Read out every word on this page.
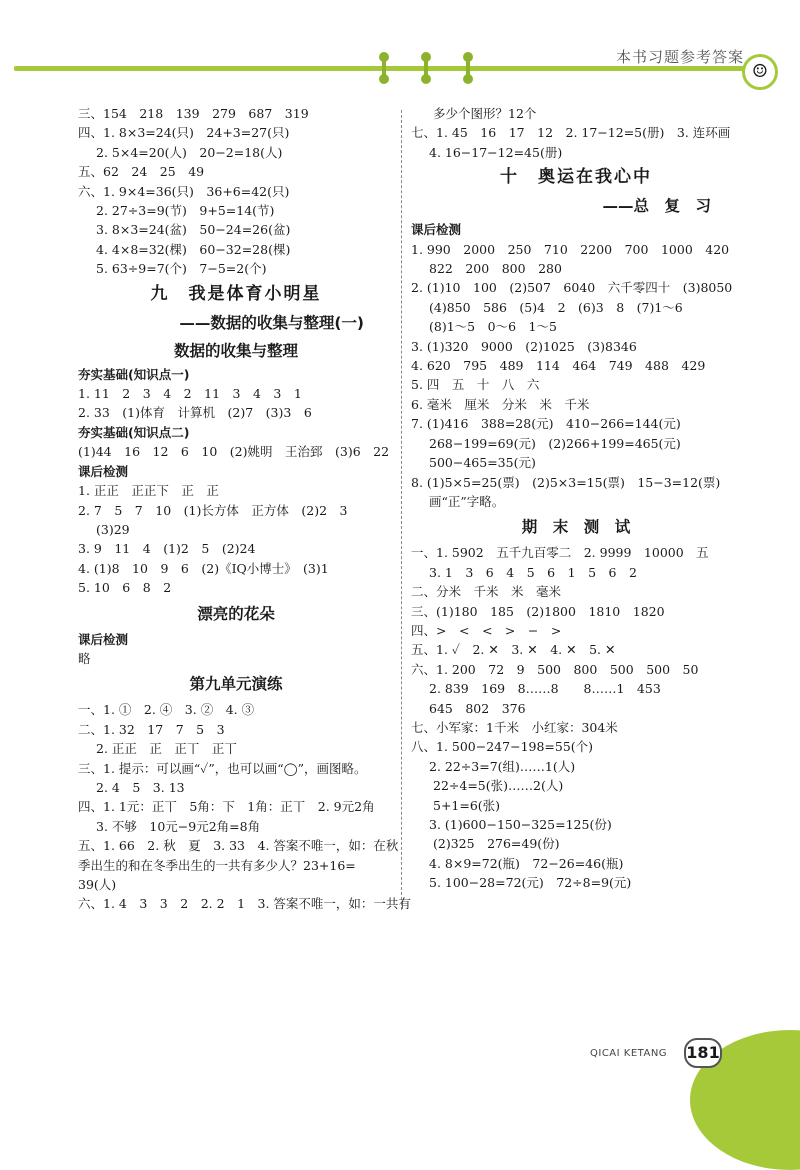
本书习题参考答案
☺
三、154　218　139　279　687　319
四、1. 8×3=24(只)　24+3=27(只)
2. 5×4=20(人)　20−2=18(人)
五、62　24　25　49
六、1. 9×4=36(只)　36+6=42(只)
2. 27÷3=9(节)　9+5=14(节)
3. 8×3=24(盆)　50−24=26(盆)
4. 4×8=32(棵)　60−32=28(棵)
5. 63÷9=7(个)　7−5=2(个)
九　我是体育小明星
——数据的收集与整理(一)
数据的收集与整理
夯实基础(知识点一)
1. 11　2　3　4　2　11　3　4　3　1
2. 33　(1)体育　计算机　(2)7　(3)3　6
夯实基础(知识点二)
(1)44　16　12　6　10　(2)姚明　王治郅　(3)6　22
课后检测
1. 正正　正正下　正　正
2. 7　5　7　10　(1)长方体　正方体　(2)2　3
(3)29
3. 9　11　4　(1)2　5　(2)24
4. (1)8　10　9　6　(2)《IQ小博士》　(3)1
5. 10　6　8　2
漂亮的花朵
课后检测
略
第九单元演练
一、1. ①　2. ④　3. ②　4. ③
二、1. 32　17　7　5　3
2. 正正　正　正丅　正丅
三、1. 提示：可以画“✓”，也可以画“◯”，画图略。
2. 4　5　3. 13
四、1. 1元：正丅　5角：下　1角：正丅　2. 9元2角
3. 不够　10元−9元2角=8角
五、1. 66　2. 秋　夏　3. 33　4. 答案不唯一，如：在秋
季出生的和在冬季出生的一共有多少人？23+16=
39(人)
六、1. 4　3　3　2　2. 2　1　3. 答案不唯一，如：一共有
多少个图形？12个
七、1. 45　16　17　12　2. 17−12=5(册)　3. 连环画
4. 16−17−12=45(册)
十　奥运在我心中
——总　复　习
课后检测
1. 990　2000　250　710　2200　700　1000　420
822　200　800　280
2. (1)10　100　(2)507　6040　六千零四十　(3)8050
(4)850　586　(5)4　2　(6)3　8　(7)1～6
(8)1～5　0～6　1～5
3. (1)320　9000　(2)1025　(3)8346
4. 620　795　489　114　464　749　488　429
5. 四　五　十　八　六
6. 毫米　厘米　分米　米　千米
7. (1)416　388=28(元)　410−266=144(元)
268−199=69(元)　(2)266+199=465(元)
500−465=35(元)
8. (1)5×5=25(票)　(2)5×3=15(票)　15−3=12(票)
画“正”字略。
期　末　测　试
一、1. 5902　五千九百零二　2. 9999　10000　五
3. 1　3　6　4　5　6　1　5　6　2
二、分米　千米　米　毫米
三、(1)180　185　(2)1800　1810　1820
四、>　<　<　>　−　>
五、1. ✓　2. ✕　3. ✕　4. ✕　5. ✕
六、1. 200　72　9　500　800　500　500　50
2. 839　169　8……8　　8……1　453
645　802　376
七、小军家：1千米　小红家：304米
八、1. 500−247−198=55(个)
2. 22÷3=7(组)……1(人)
22÷4=5(张)……2(人)
5+1=6(张)
3. (1)600−150−325=125(份)
(2)325　276=49(份)
4. 8×9=72(瓶)　72−26=46(瓶)
5. 100−28=72(元)　72÷8=9(元)
QICAI KETANG 181
